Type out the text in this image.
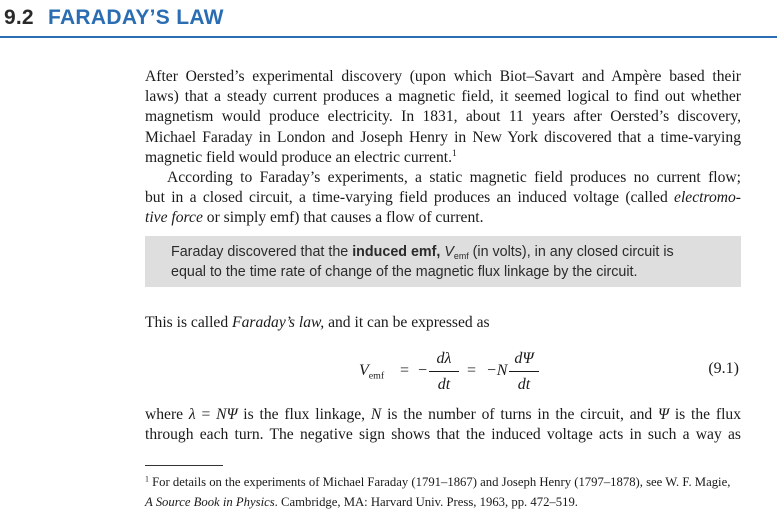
9.2 FARADAY’S LAW
After Oersted’s experimental discovery (upon which Biot–Savart and Ampère based their
laws) that a steady current produces a magnetic field, it seemed logical to find out whether
magnetism would produce electricity. In 1831, about 11 years after Oersted’s discovery,
Michael Faraday in London and Joseph Henry in New York discovered that a time-varying
magnetic field would produce an electric current.$^1$
According to Faraday’s experiments, a static magnetic field produces no current flow;
but in a closed circuit, a time-varying field produces an induced voltage (called electromo-
tive force or simply emf) that causes a flow of current.
Faraday discovered that the induced emf, $V_{emf}$ (in volts), in any closed circuit is
equal to the time rate of change of the magnetic flux linkage by the circuit.
This is called Faraday’s law, and it can be expressed as
$V_{emf}$ = −
dλ
dt
= −N
dΨ
dt
(9.1)
where λ = NΨ is the flux linkage, N is the number of turns in the circuit, and Ψ is the flux
through each turn. The negative sign shows that the induced voltage acts in such a way as
$^1$ For details on the experiments of Michael Faraday (1791–1867) and Joseph Henry (1797–1878), see W. F. Magie,
A Source Book in Physics. Cambridge, MA: Harvard Univ. Press, 1963, pp. 472–519.
